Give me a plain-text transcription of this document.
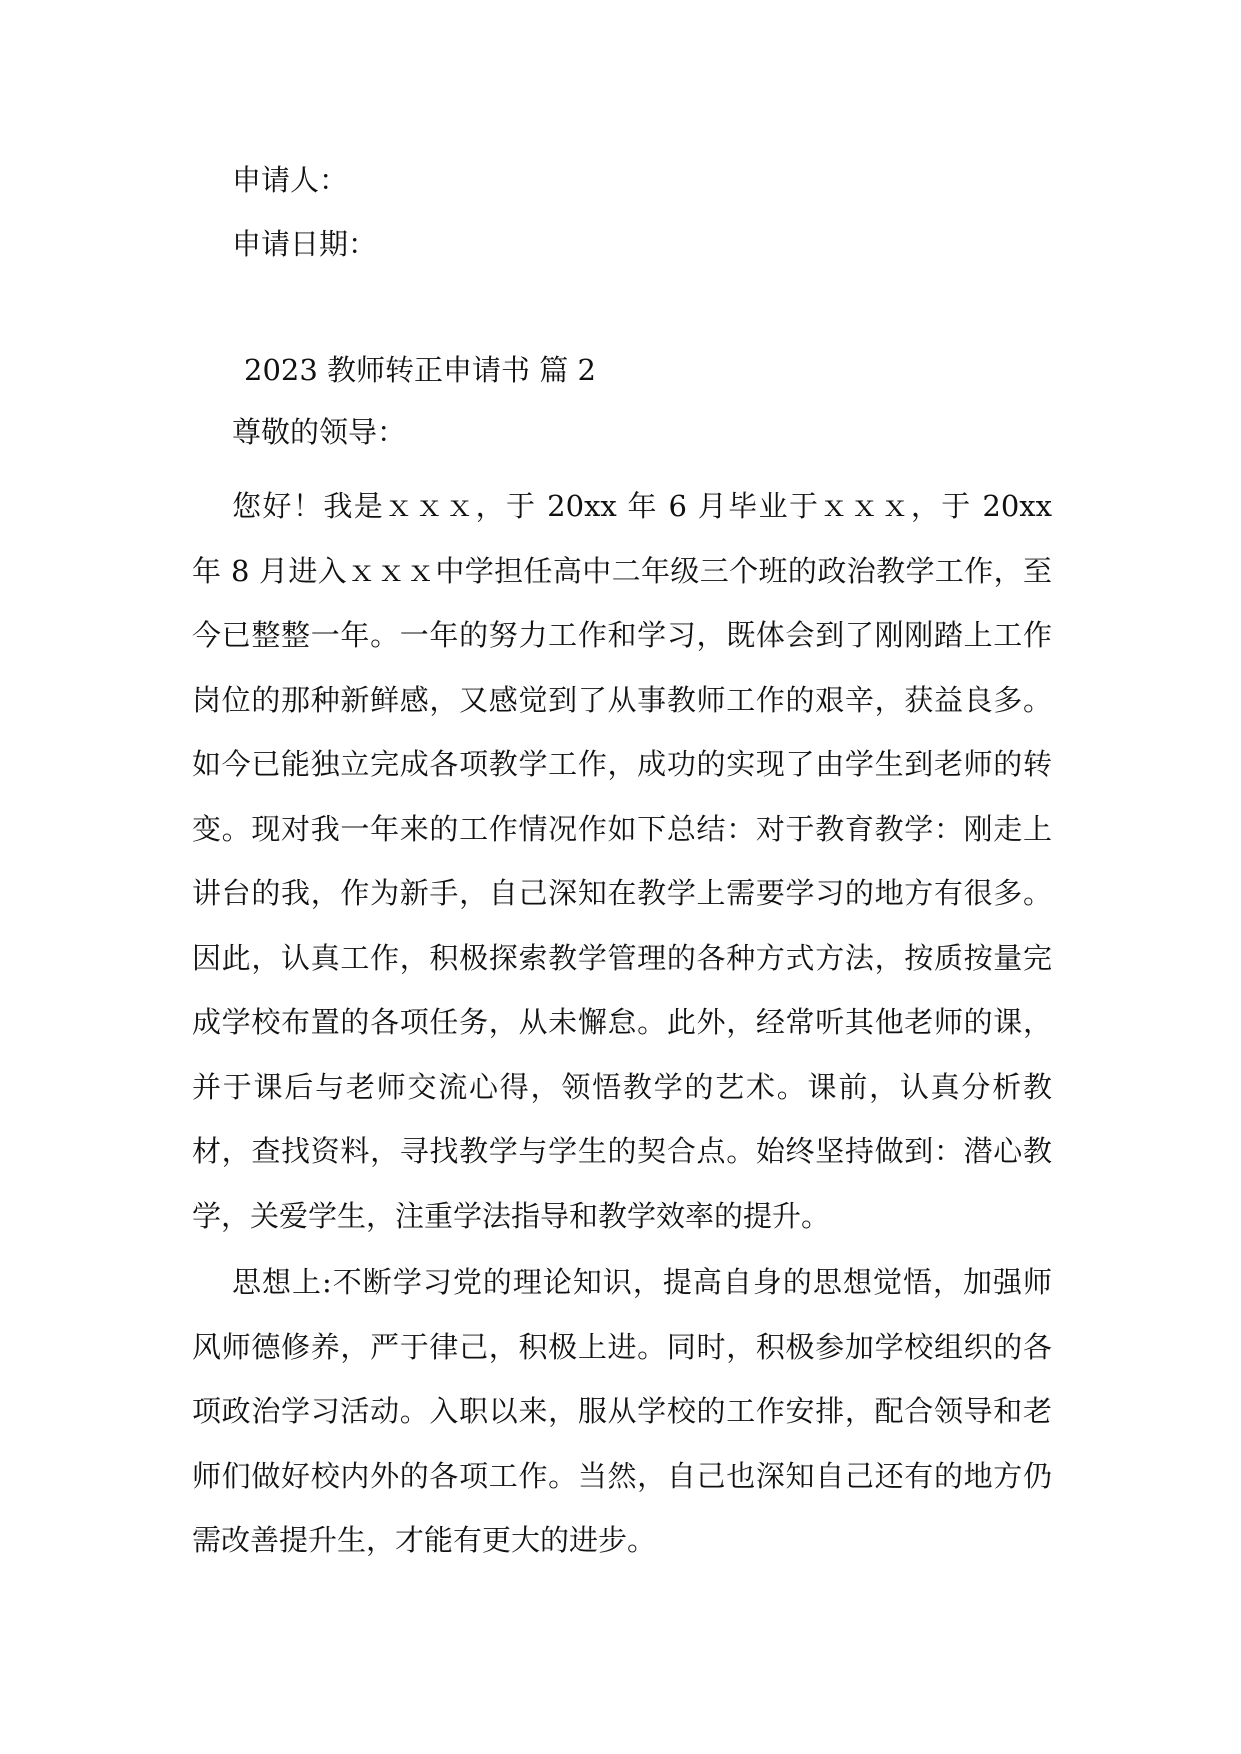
申请人：

申请日期：

2023 教师转正申请书 篇 2

尊敬的领导：

您好！我是ｘｘｘ，于 20xx 年 6 月毕业于ｘｘｘ，于 20xx 年 8 月进入ｘｘｘ中学担任高中二年级三个班的政治教学工作，至今已整整一年。一年的努力工作和学习，既体会到了刚刚踏上工作岗位的那种新鲜感，又感觉到了从事教师工作的艰辛，获益良多。如今已能独立完成各项教学工作，成功的实现了由学生到老师的转变。现对我一年来的工作情况作如下总结：对于教育教学：刚走上讲台的我，作为新手，自己深知在教学上需要学习的地方有很多。因此，认真工作，积极探索教学管理的各种方式方法，按质按量完成学校布置的各项任务，从未懈怠。此外，经常听其他老师的课，并于课后与老师交流心得，领悟教学的艺术。课前，认真分析教材，查找资料，寻找教学与学生的契合点。始终坚持做到：潜心教学，关爱学生，注重学法指导和教学效率的提升。

思想上:不断学习党的理论知识，提高自身的思想觉悟，加强师风师德修养，严于律己，积极上进。同时，积极参加学校组织的各项政治学习活动。入职以来，服从学校的工作安排，配合领导和老师们做好校内外的各项工作。当然，自己也深知自己还有的地方仍需改善提升生，才能有更大的进步。
